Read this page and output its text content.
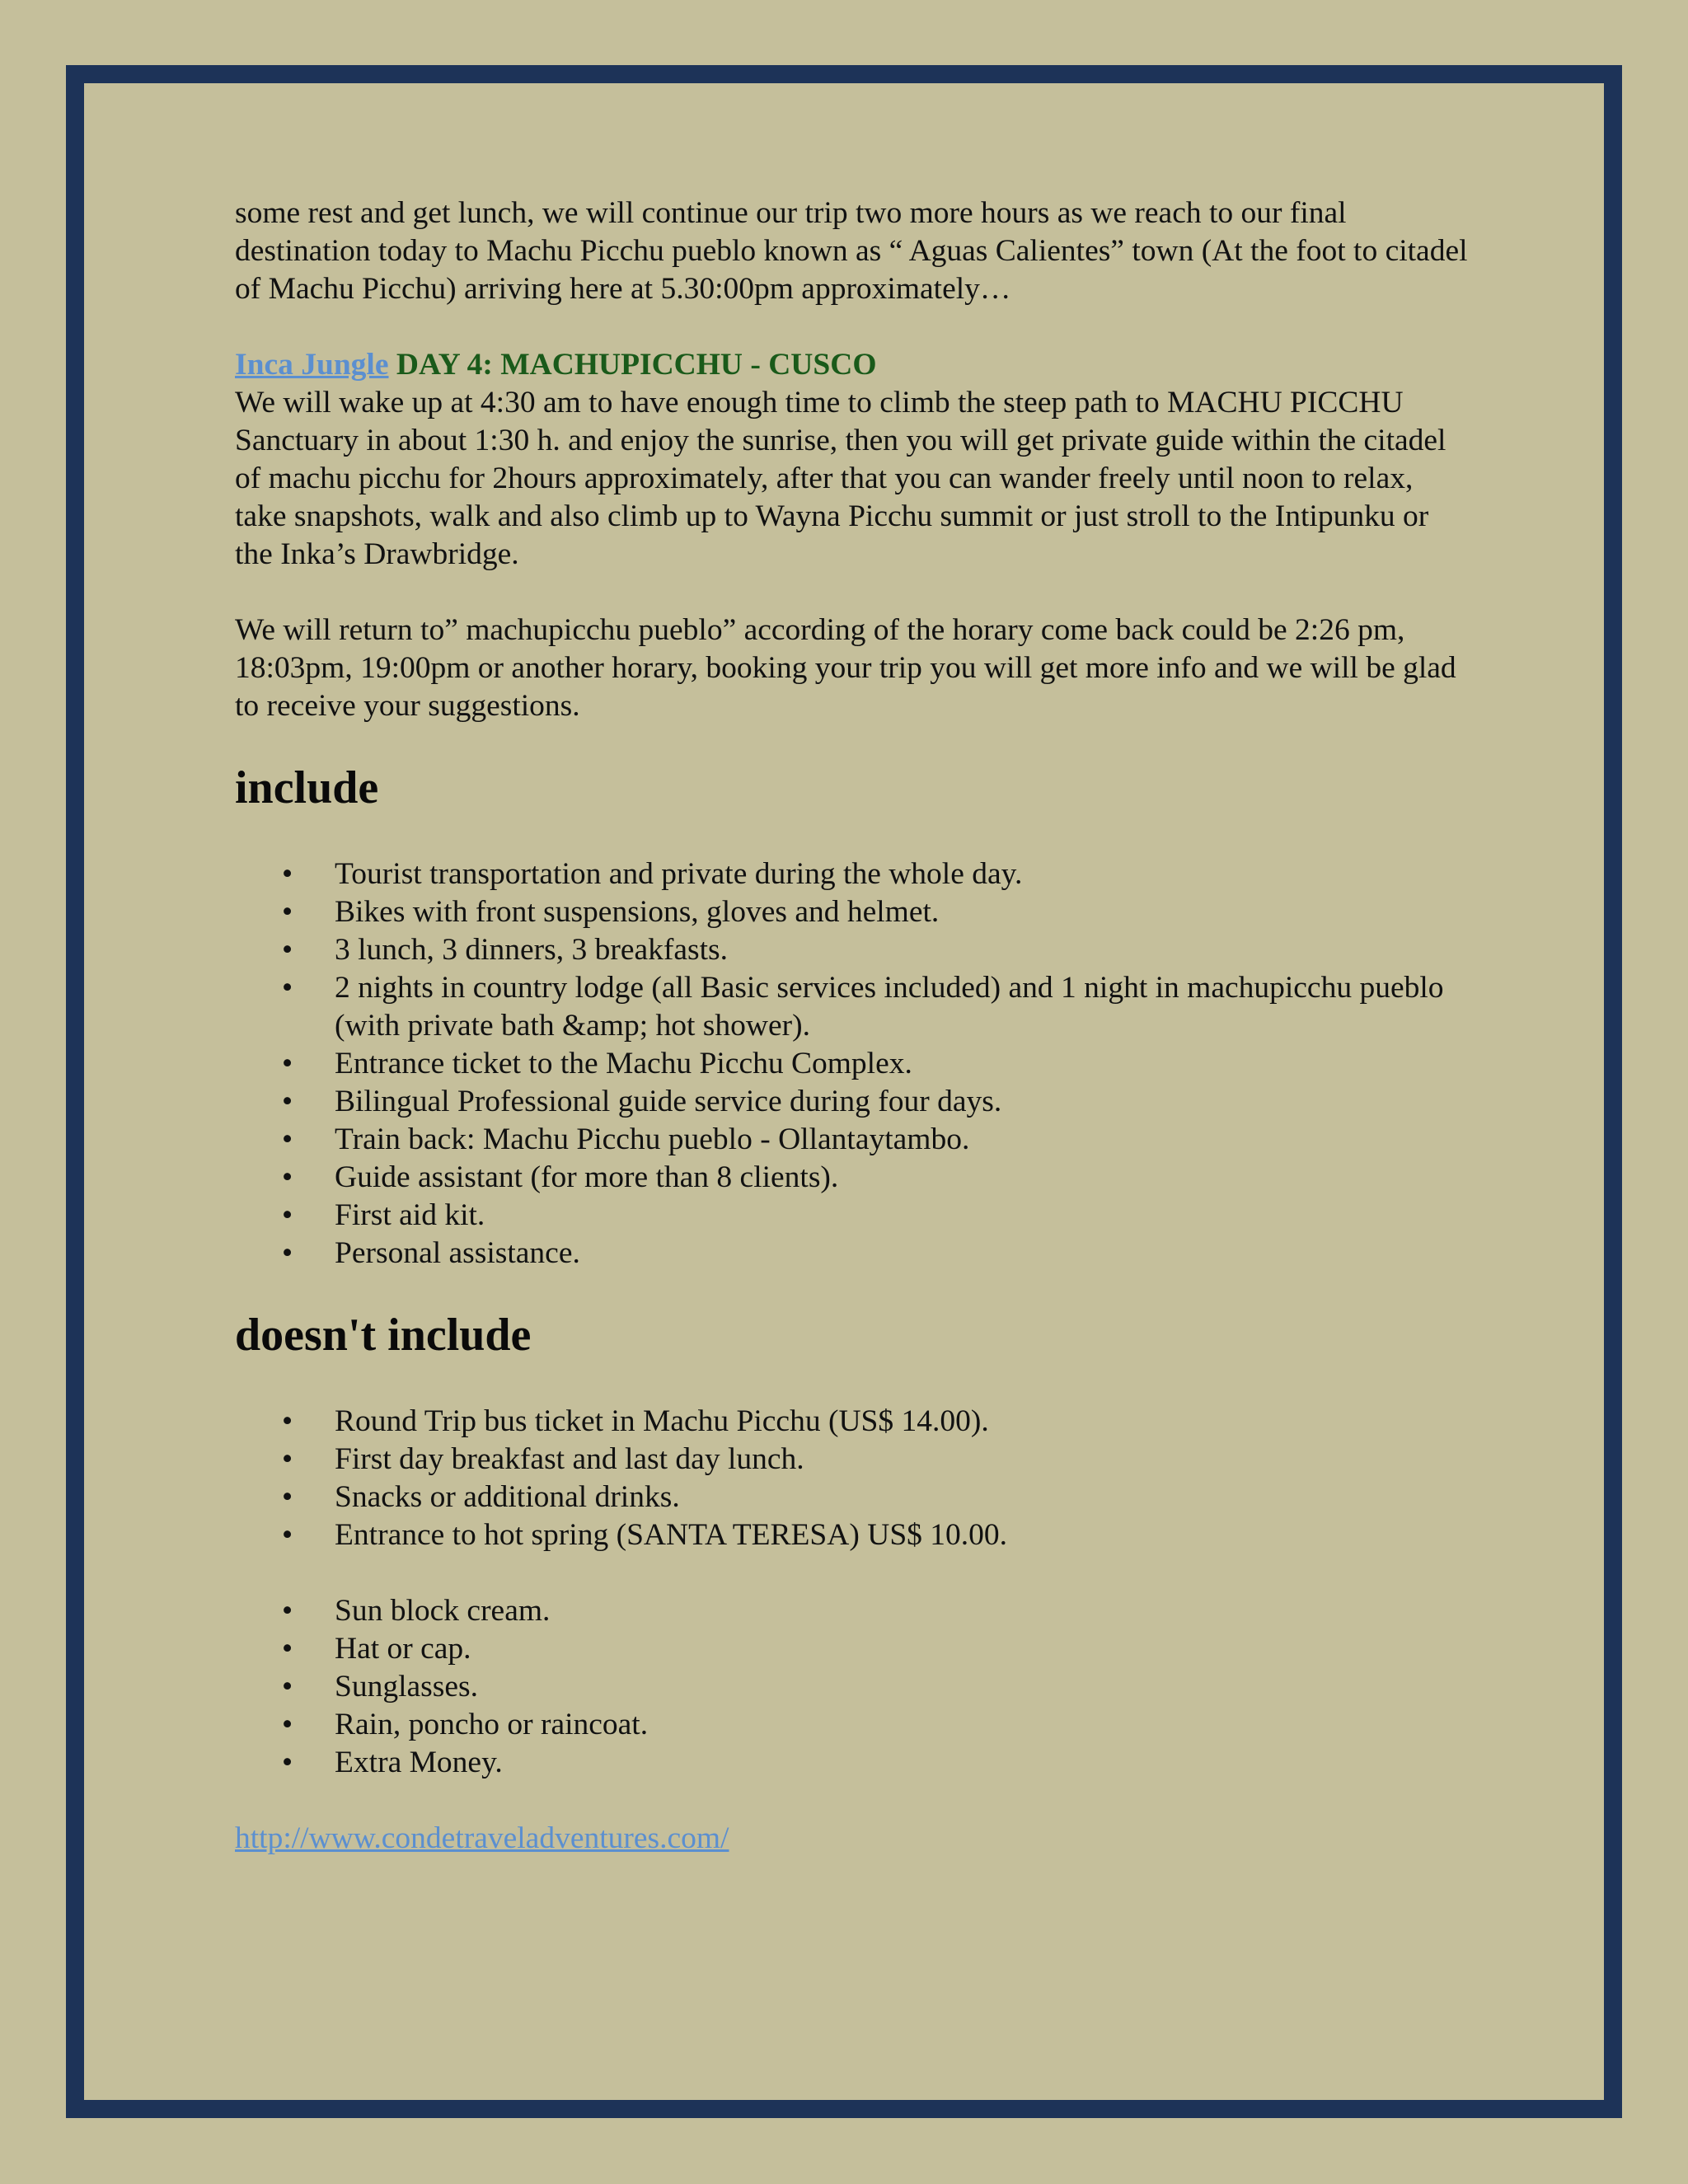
some rest and get lunch, we will continue our trip two more hours as we reach to our final destination today to Machu Picchu pueblo known as “ Aguas Calientes” town (At the foot to citadel of Machu Picchu) arriving here at 5.30:00pm approximately…

Inca Jungle DAY 4: MACHUPICCHU - CUSCO

We will wake up at 4:30 am to have enough time to climb the steep path to MACHU PICCHU Sanctuary in about 1:30 h. and enjoy the sunrise, then you will get private guide within the citadel of machu picchu for 2hours approximately, after that you can wander freely until noon to relax, take snapshots, walk and also climb up to Wayna Picchu summit or just stroll to the Intipunku or the Inka’s Drawbridge.

We will return to” machupicchu pueblo” according of the horary come back could be 2:26 pm, 18:03pm, 19:00pm or another horary, booking your trip you will get more info and we will be glad to receive your suggestions.

include
• Tourist transportation and private during the whole day.
• Bikes with front suspensions, gloves and helmet.
• 3 lunch, 3 dinners, 3 breakfasts.
• 2 nights in country lodge (all Basic services included) and 1 night in machupicchu pueblo (with private bath &amp; hot shower).
• Entrance ticket to the Machu Picchu Complex.
• Bilingual Professional guide service during four days.
• Train back: Machu Picchu pueblo - Ollantaytambo.
• Guide assistant (for more than 8 clients).
• First aid kit.
• Personal assistance.
doesn't include
• Round Trip bus ticket in Machu Picchu (US$ 14.00).
• First day breakfast and last day lunch.
• Snacks or additional drinks.
• Entrance to hot spring (SANTA TERESA) US$ 10.00.
• Sun block cream.
• Hat or cap.
• Sunglasses.
• Rain, poncho or raincoat.
• Extra Money.

http://www.condetraveladventures.com/
